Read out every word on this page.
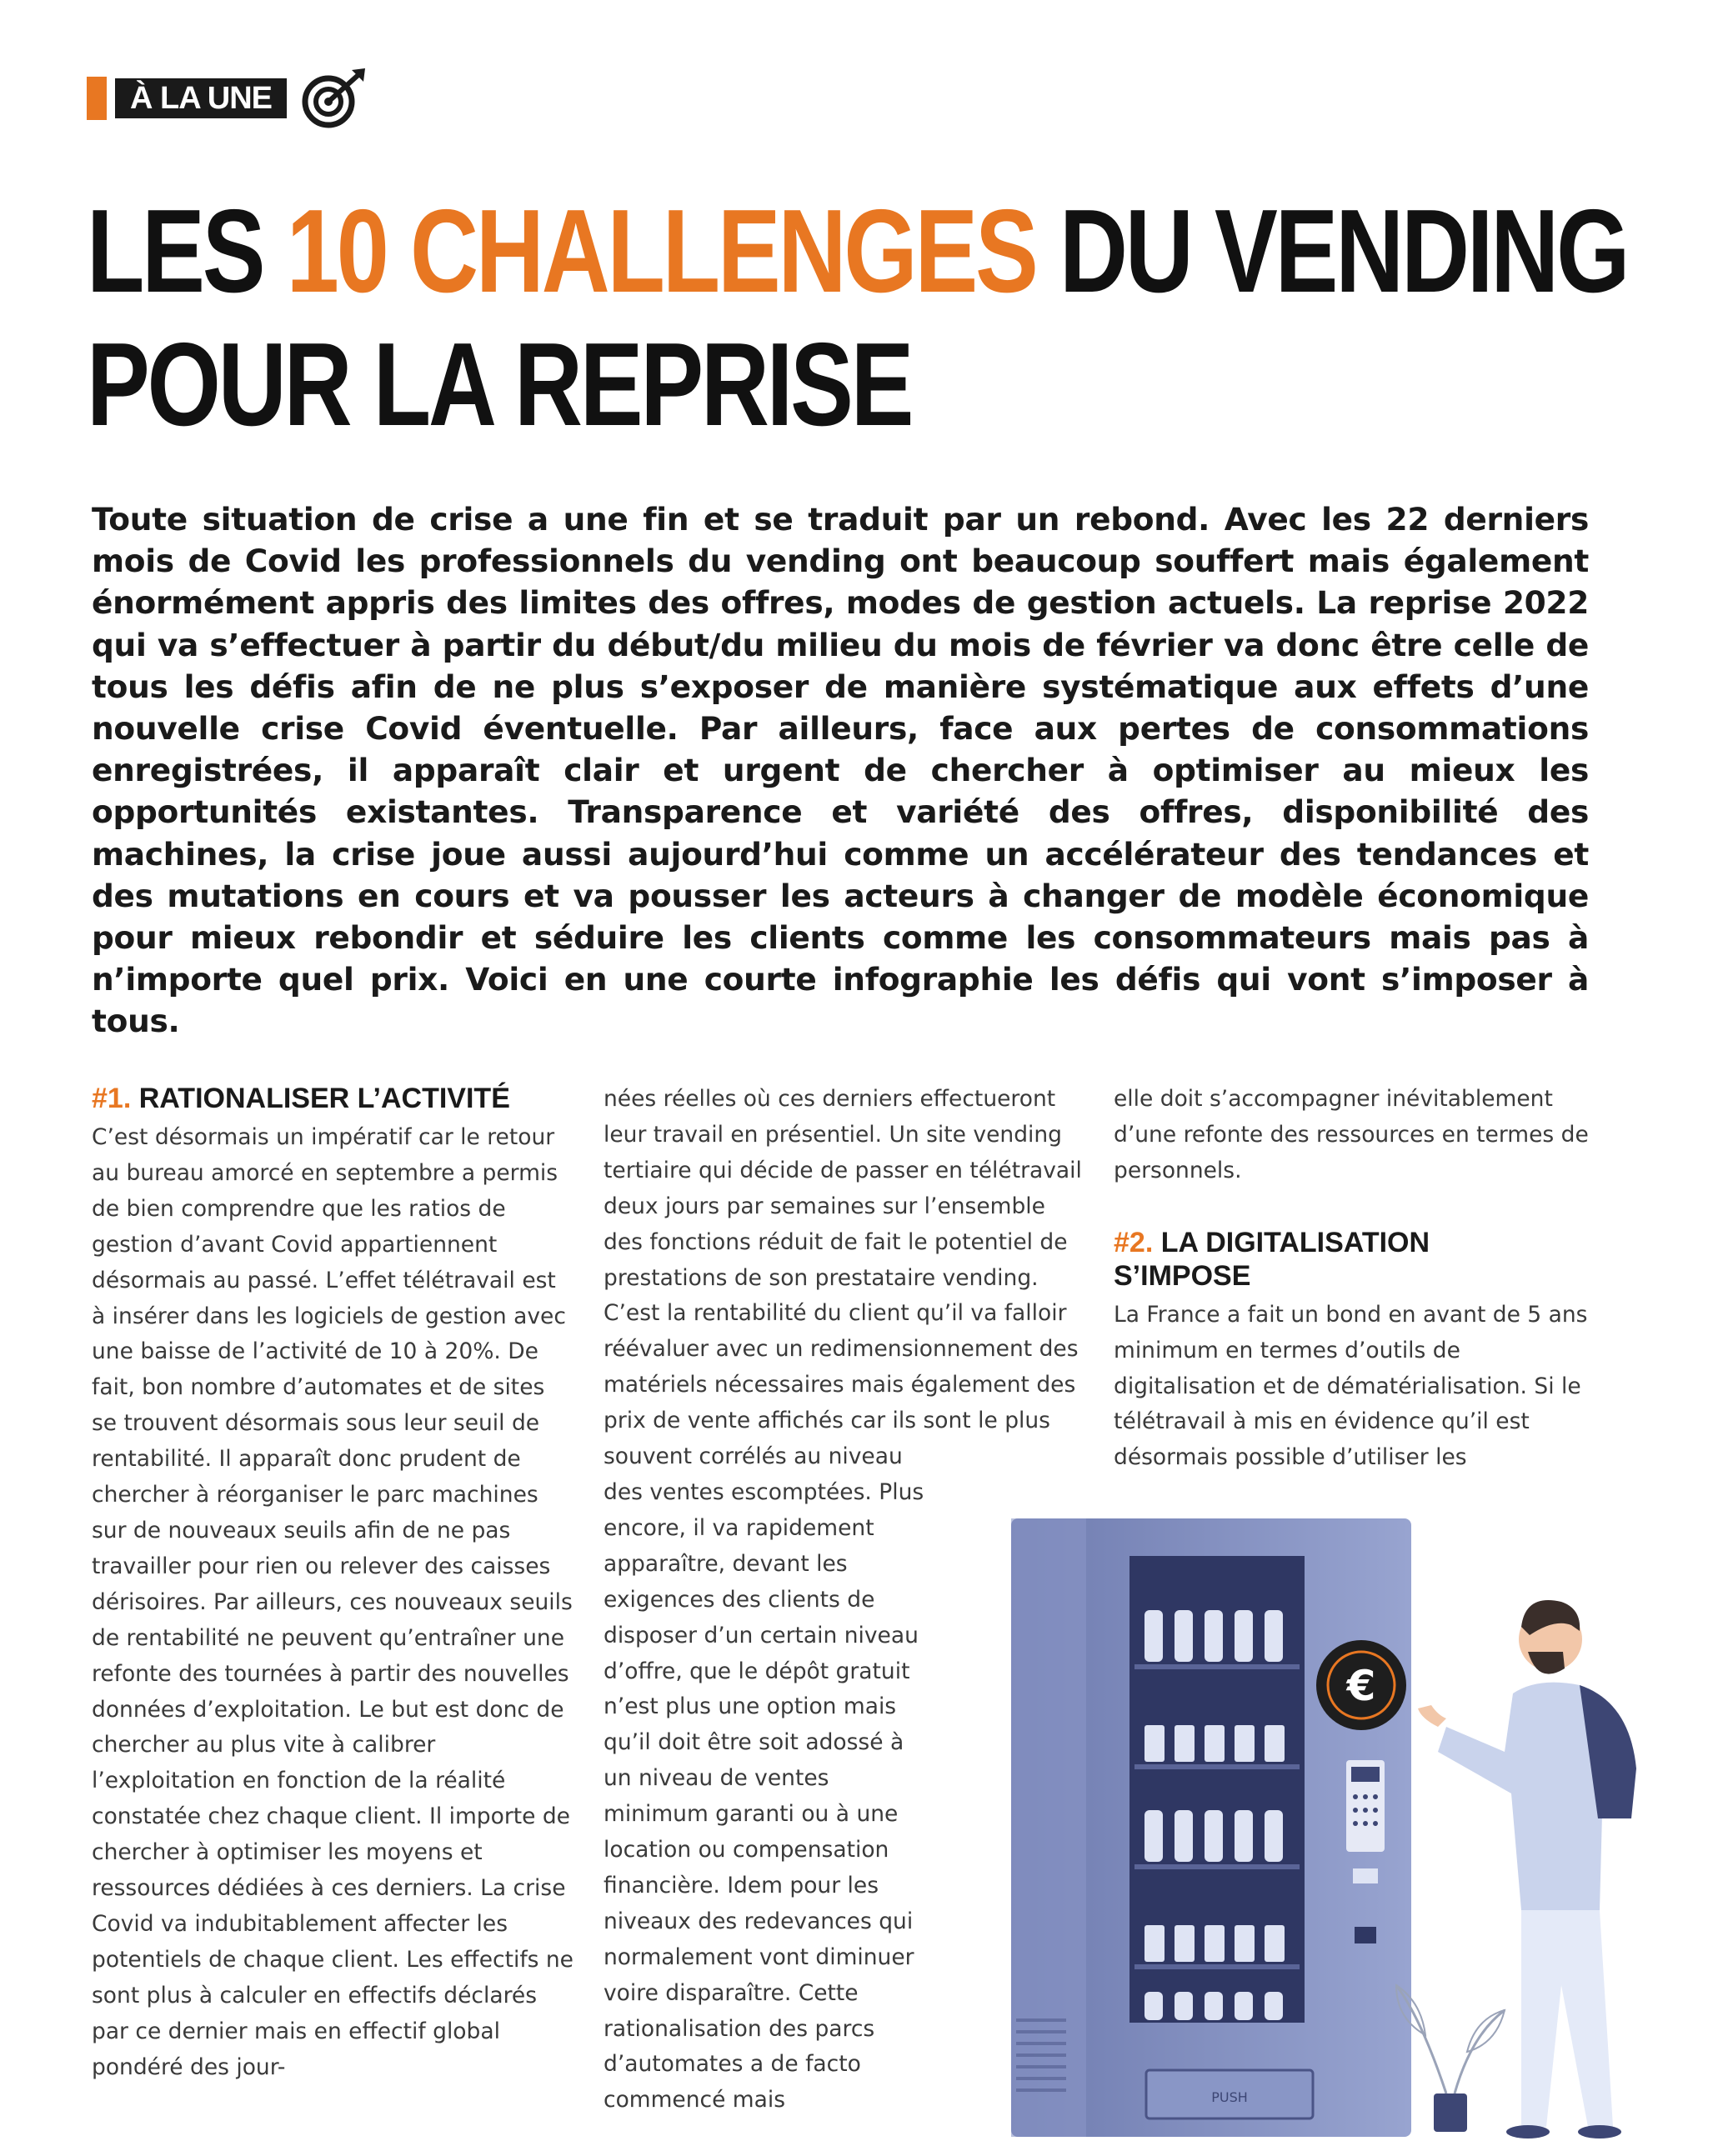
À LA UNE
LES 10 CHALLENGES DU VENDING
POUR LA REPRISE

Toute situation de crise a une fin et se traduit par un rebond. Avec les 22 derniers mois de Covid les professionnels du vending ont beaucoup souffert mais également énormément appris des limites des offres, modes de gestion actuels. La reprise 2022 qui va s’effectuer à partir du début/du milieu du mois de février va donc être celle de tous les défis afin de ne plus s’exposer de manière systématique aux effets d’une nouvelle crise Covid éventuelle. Par ailleurs, face aux pertes de consommations enregistrées, il apparaît clair et urgent de chercher à optimiser au mieux les opportunités existantes. Transparence et variété des offres, disponibilité des machines, la crise joue aussi aujourd’hui comme un accélérateur des tendances et des mutations en cours et va pousser les acteurs à changer de modèle économique pour mieux rebondir et séduire les clients comme les consommateurs mais pas à n’importe quel prix. Voici en une courte infographie les défis qui vont s’imposer à tous.

#1. RATIONALISER L’ACTIVITÉ

C’est désormais un impératif car le retour au bureau amorcé en septembre a permis de bien comprendre que les ratios de gestion d’avant Covid appartiennent désormais au passé. L’effet télétravail est à insérer dans les logiciels de gestion avec une baisse de l’activité de 10 à 20%. De fait, bon nombre d’automates et de sites se trouvent désormais sous leur seuil de rentabilité. Il apparaît donc prudent de chercher à réorganiser le parc machines sur de nouveaux seuils afin de ne pas travailler pour rien ou relever des caisses dérisoires. Par ailleurs, ces nouveaux seuils de rentabilité ne peuvent qu’entraîner une refonte des tournées à partir des nouvelles données d’exploitation. Le but est donc de chercher au plus vite à calibrer l’exploitation en fonction de la réalité constatée chez chaque client. Il importe de chercher à optimiser les moyens et ressources dédiées à ces derniers. La crise Covid va indubitablement affecter les potentiels de chaque client. Les effectifs ne sont plus à calculer en effectifs déclarés par ce dernier mais en effectif global pondéré des jour-

nées réelles où ces derniers effectueront leur travail en présentiel. Un site vending tertiaire qui décide de passer en télétravail deux jours par semaines sur l’ensemble des fonctions réduit de fait le potentiel de prestations de son prestataire vending. C’est la rentabilité du client qu’il va falloir réévaluer avec un redimensionnement des matériels nécessaires mais également des prix de vente affichés car ils sont le plus

souvent corrélés au niveau des ventes escomptées. Plus encore, il va rapidement apparaître, devant les exigences des clients de disposer d’un certain niveau d’offre, que le dépôt gratuit n’est plus une option mais qu’il doit être soit adossé à un niveau de ventes minimum garanti ou à une location ou compensation financière. Idem pour les niveaux des redevances qui normalement vont diminuer voire disparaître. Cette rationalisation des parcs d’automates a de facto commencé mais

elle doit s’accompagner inévitablement d’une refonte des ressources en termes de personnels.

#2. LA DIGITALISATION
S’IMPOSE

La France a fait un bond en avant de 5 ans minimum en termes d’outils de digitalisation et de dématérialisation. Si le télétravail à mis en évidence qu’il est désormais possible d’utiliser les

PUSH
€
